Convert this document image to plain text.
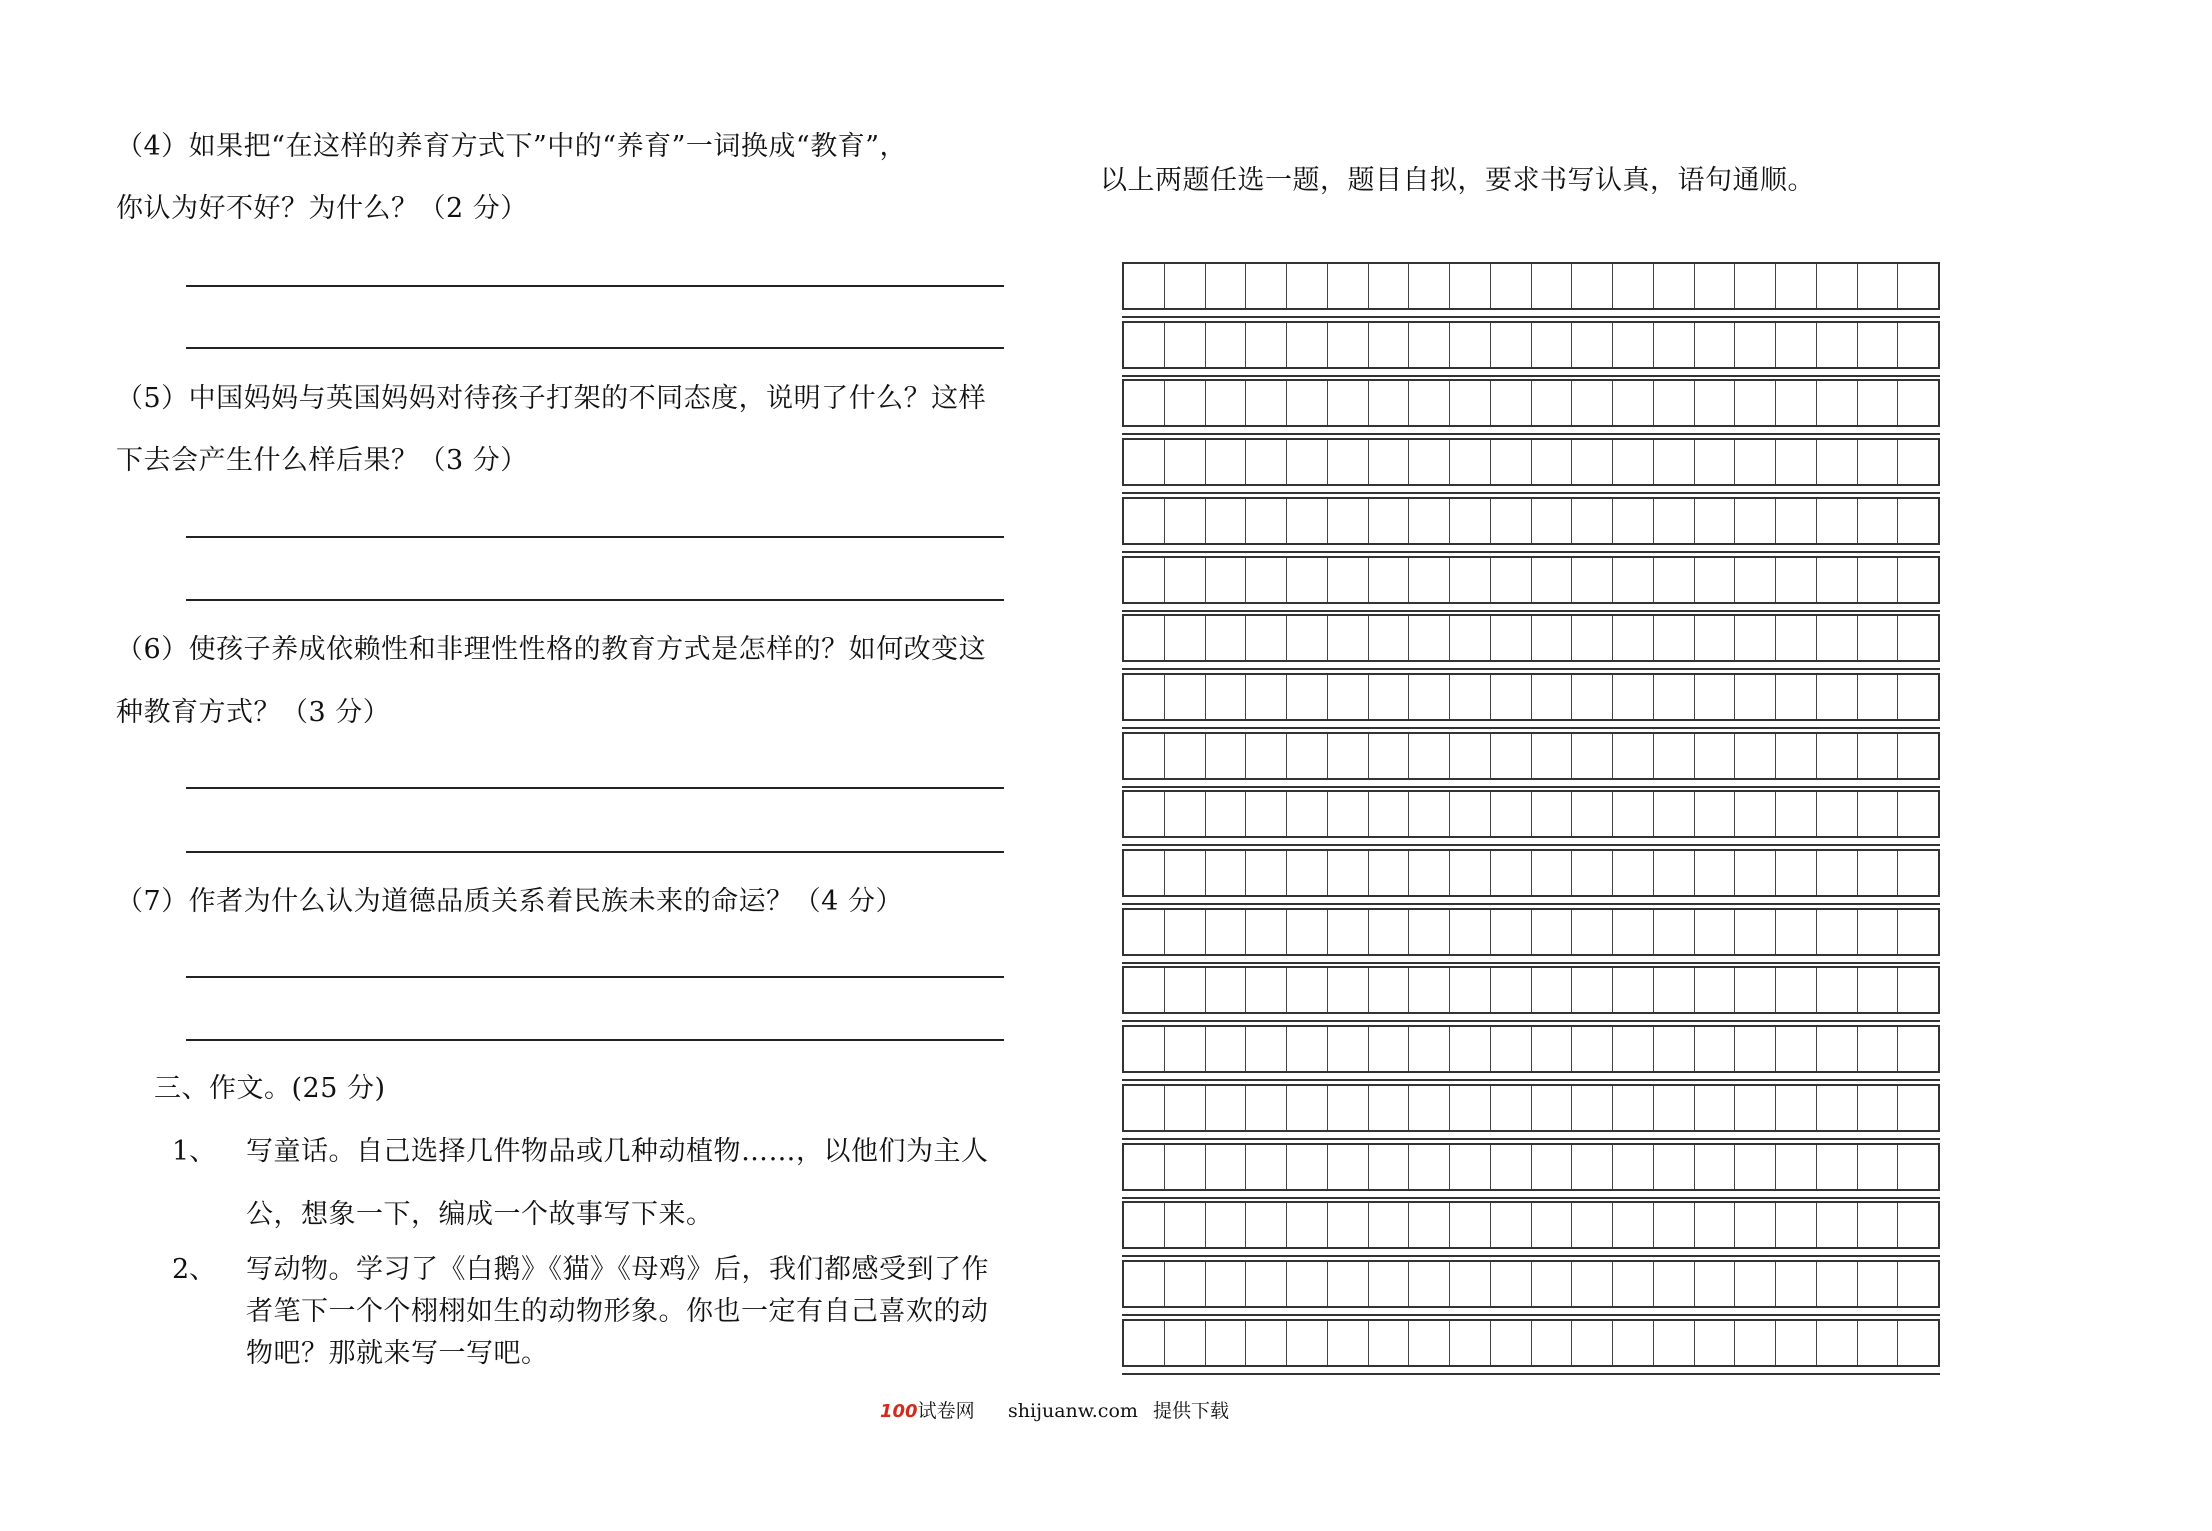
（4）如果把“在这样的养育方式下”中的“养育”一词换成“教育”，
你认为好不好？为什么？（2 分）
（5）中国妈妈与英国妈妈对待孩子打架的不同态度，说明了什么？这样
下去会产生什么样后果？（3 分）
（6）使孩子养成依赖性和非理性性格的教育方式是怎样的？如何改变这
种教育方式？（3 分）
（7）作者为什么认为道德品质关系着民族未来的命运？（4 分）
三、作文。(25 分)
1、 写童话。自己选择几件物品或几种动植物……，以他们为主人
公，想象一下，编成一个故事写下来。
2、 写动物。学习了《白鹅》《猫》《母鸡》后，我们都感受到了作
者笔下一个个栩栩如生的动物形象。你也一定有自己喜欢的动
物吧？那就来写一写吧。
以上两题任选一题，题目自拟，要求书写认真，语句通顺。
100试卷网 shijuanw.com 提供下载
